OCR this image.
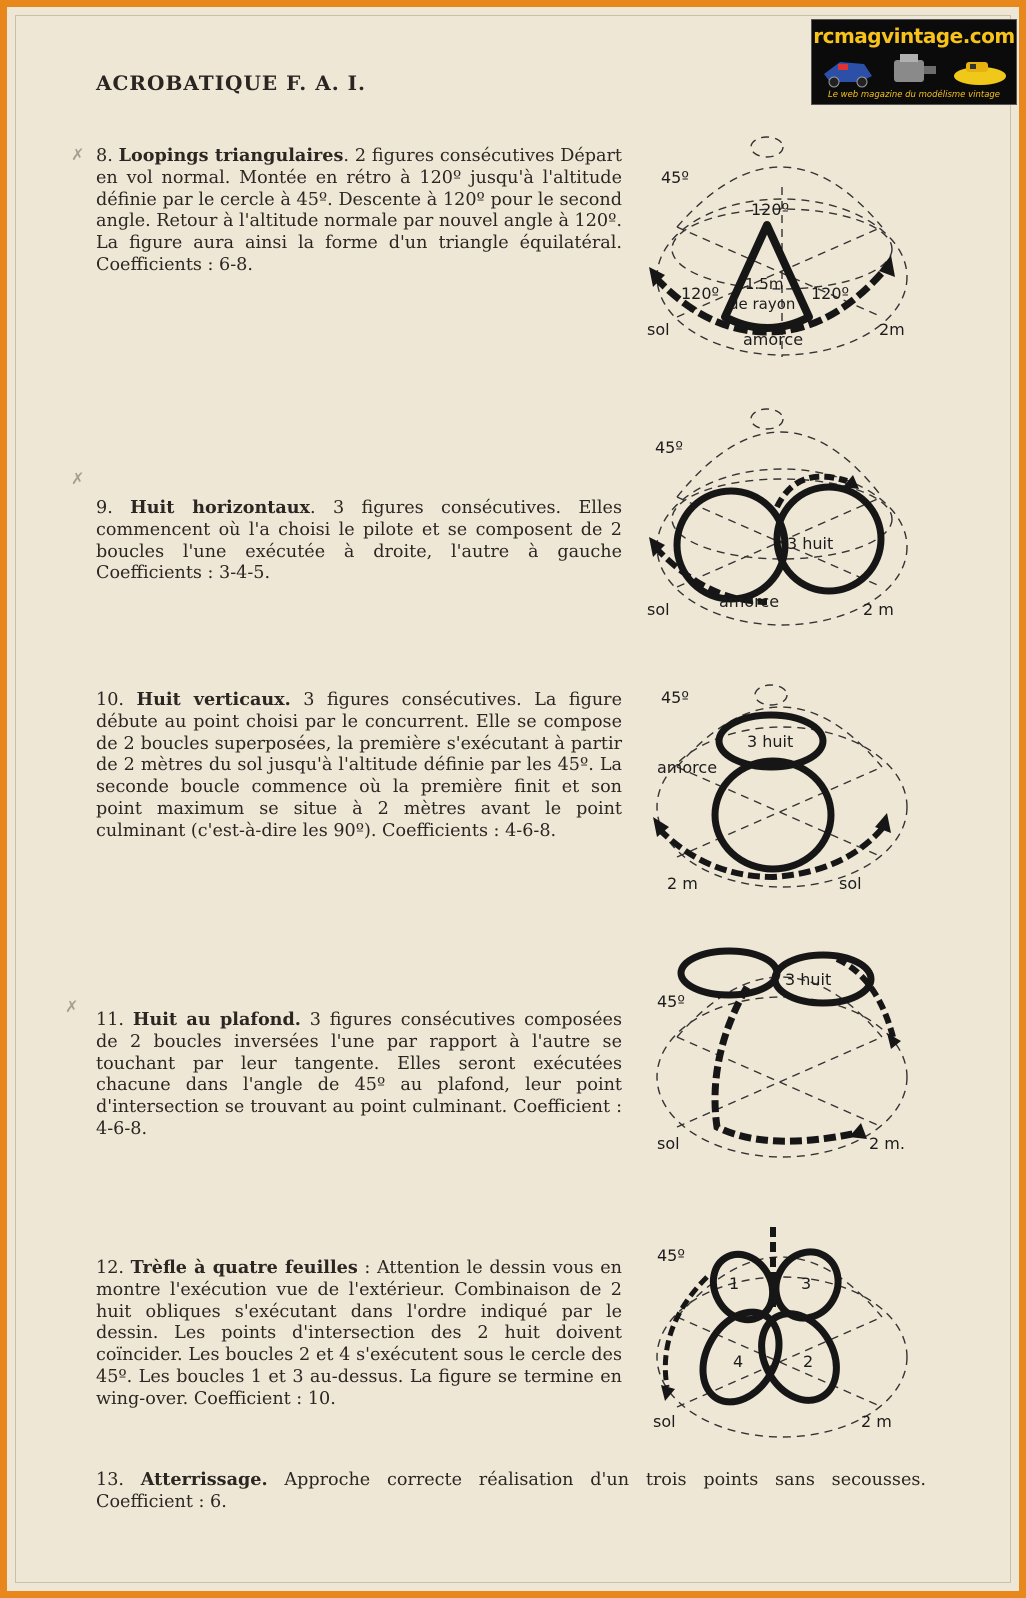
rcmagvintage.com
Le web magazine du modélisme vintage
ACROBATIQUE F. A. I.
✗
✗
✗
8. Loopings triangulaires. 2 figures consécutives Départ en vol normal. Montée en rétro à 120º jusqu'à l'altitude définie par le cercle à 45º. Descente à 120º pour le second angle. Retour à l'altitude normale par nouvel angle à 120º. La figure aura ainsi la forme d'un triangle équilatéral. Coefficients : 6-8.
9. Huit horizontaux. 3 figures consécutives. Elles commencent où l'a choisi le pilote et se composent de 2 boucles l'une exécutée à droite, l'autre à gauche Coefficients : 3-4-5.
10. Huit verticaux. 3 figures consécutives. La figure débute au point choisi par le concurrent. Elle se compose de 2 boucles superposées, la première s'exécutant à partir de 2 mètres du sol jusqu'à l'altitude définie par les 45º. La seconde boucle commence où la première finit et son point maximum se situe à 2 mètres avant le point culminant (c'est-à-dire les 90º). Coefficients : 4-6-8.
11. Huit au plafond. 3 figures consécutives composées de 2 boucles inversées l'une par rapport à l'autre se touchant par leur tangente. Elles seront exécutées chacune dans l'angle de 45º au plafond, leur point d'intersection se trouvant au point culminant. Coefficient : 4-6-8.
12. Trèfle à quatre feuilles : Attention le dessin vous en montre l'exécution vue de l'extérieur. Combinaison de 2 huit obliques s'exécutant dans l'ordre indiqué par le dessin. Les points d'intersection des 2 huit doivent coïncider. Les boucles 2 et 4 s'exécutent sous le cercle des 45º. Les boucles 1 et 3 au-dessus. La figure se termine en wing-over. Coefficient : 10.
13. Atterrissage. Approche correcte réalisation d'un trois points sans secousses. Coefficient : 6.
45º
120º
120º	120º
1.5m
de rayon
sol
amorce
2m
45º
3 huit
sol	amorce	2 m
45º
3 huit
amorce
2 m	sol
45º
3 huit
sol	2 m.
45º
1
2
3
4
sol	2 m
